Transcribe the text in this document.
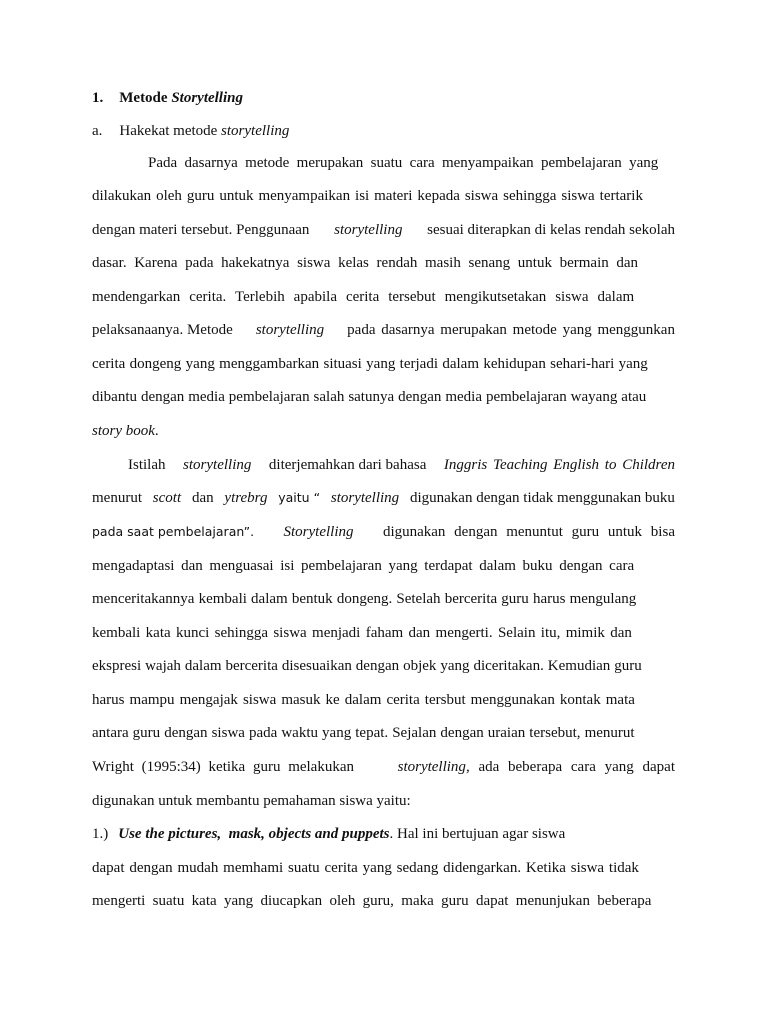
1. Metode Storytelling
a. Hakekat metode storytelling
Pada dasarnya metode merupakan suatu cara menyampaikan pembelajaran yang
dilakukan oleh guru untuk menyampaikan isi materi kepada siswa sehingga siswa tertarik
dengan materi tersebut. Penggunaan storytelling sesuai diterapkan di kelas rendah sekolah
dasar. Karena pada hakekatnya siswa kelas rendah masih senang untuk bermain dan
mendengarkan cerita. Terlebih apabila cerita tersebut mengikutsetakan siswa dalam
pelaksanaanya. Metode storytelling pada dasarnya merupakan metode yang menggunkan
cerita dongeng yang menggambarkan situasi yang terjadi dalam kehidupan sehari-hari yang
dibantu dengan media pembelajaran salah satunya dengan media pembelajaran wayang atau
story book.
Istilah storytelling diterjemahkan dari bahasa Inggris Teaching English to Children
menurut scott dan ytrebrg yaitu “ storytelling digunakan dengan tidak menggunakan buku
pada saat pembelajaran”. Storytelling digunakan dengan menuntut guru untuk bisa
mengadaptasi dan menguasai isi pembelajaran yang terdapat dalam buku dengan cara
menceritakannya kembali dalam bentuk dongeng. Setelah bercerita guru harus mengulang
kembali kata kunci sehingga siswa menjadi faham dan mengerti. Selain itu, mimik dan
ekspresi wajah dalam bercerita disesuaikan dengan objek yang diceritakan. Kemudian guru
harus mampu mengajak siswa masuk ke dalam cerita tersbut menggunakan kontak mata
antara guru dengan siswa pada waktu yang tepat. Sejalan dengan uraian tersebut, menurut
Wright (1995:34) ketika guru melakukan	storytelling, ada beberapa cara yang dapat
digunakan untuk membantu pemahaman siswa yaitu:
1.) Use the pictures,  mask, objects and puppets. Hal ini bertujuan agar siswa
dapat dengan mudah memhami suatu cerita yang sedang didengarkan. Ketika siswa tidak
mengerti suatu kata yang diucapkan oleh guru, maka guru dapat menunjukan beberapa
